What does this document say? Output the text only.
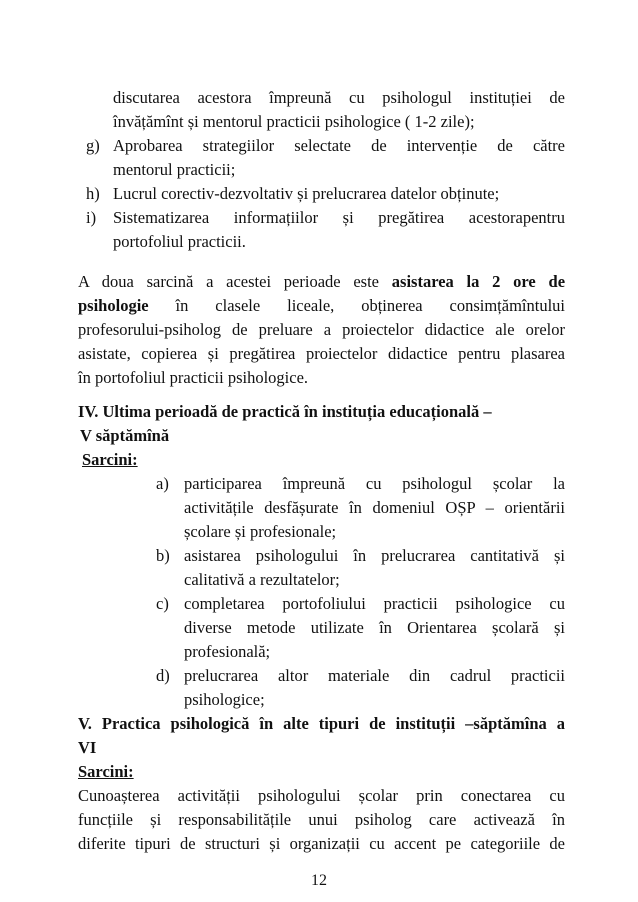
discutarea acestora împreună cu psihologul instituției de
învățămînt și mentorul practicii psihologice ( 1-2 zile);
g) Aprobarea strategiilor selectate de intervenție de către
mentorul practicii;
h) Lucrul corectiv-dezvoltativ și prelucrarea datelor obținute;
i) Sistematizarea informațiilor și pregătirea acestorapentru
portofoliul practicii.
A doua sarcină a acestei perioade este asistarea la 2 ore de
psihologie în clasele liceale, obținerea consimțămîntului
profesorului-psiholog de preluare a proiectelor didactice ale orelor
asistate, copierea și pregătirea proiectelor didactice pentru plasarea
în portofoliul practicii psihologice.
IV. Ultima perioadă de practică în instituția educațională –
V săptămînă
Sarcini:
a) participarea împreună cu psihologul școlar la
activitățile desfășurate în domeniul OȘP – orientării
școlare și profesionale;
b) asistarea psihologului în prelucrarea cantitativă și
calitativă a rezultatelor;
c) completarea portofoliului practicii psihologice cu
diverse metode utilizate în Orientarea școlară și
profesională;
d) prelucrarea altor materiale din cadrul practicii
psihologice;
V. Practica psihologică în alte tipuri de instituții –săptămîna a
VI
Sarcini:
Cunoașterea activității psihologului școlar prin conectarea cu
funcțiile și responsabilitățile unui psiholog care activează în
diferite tipuri de structuri și organizații cu accent pe categoriile de
12
